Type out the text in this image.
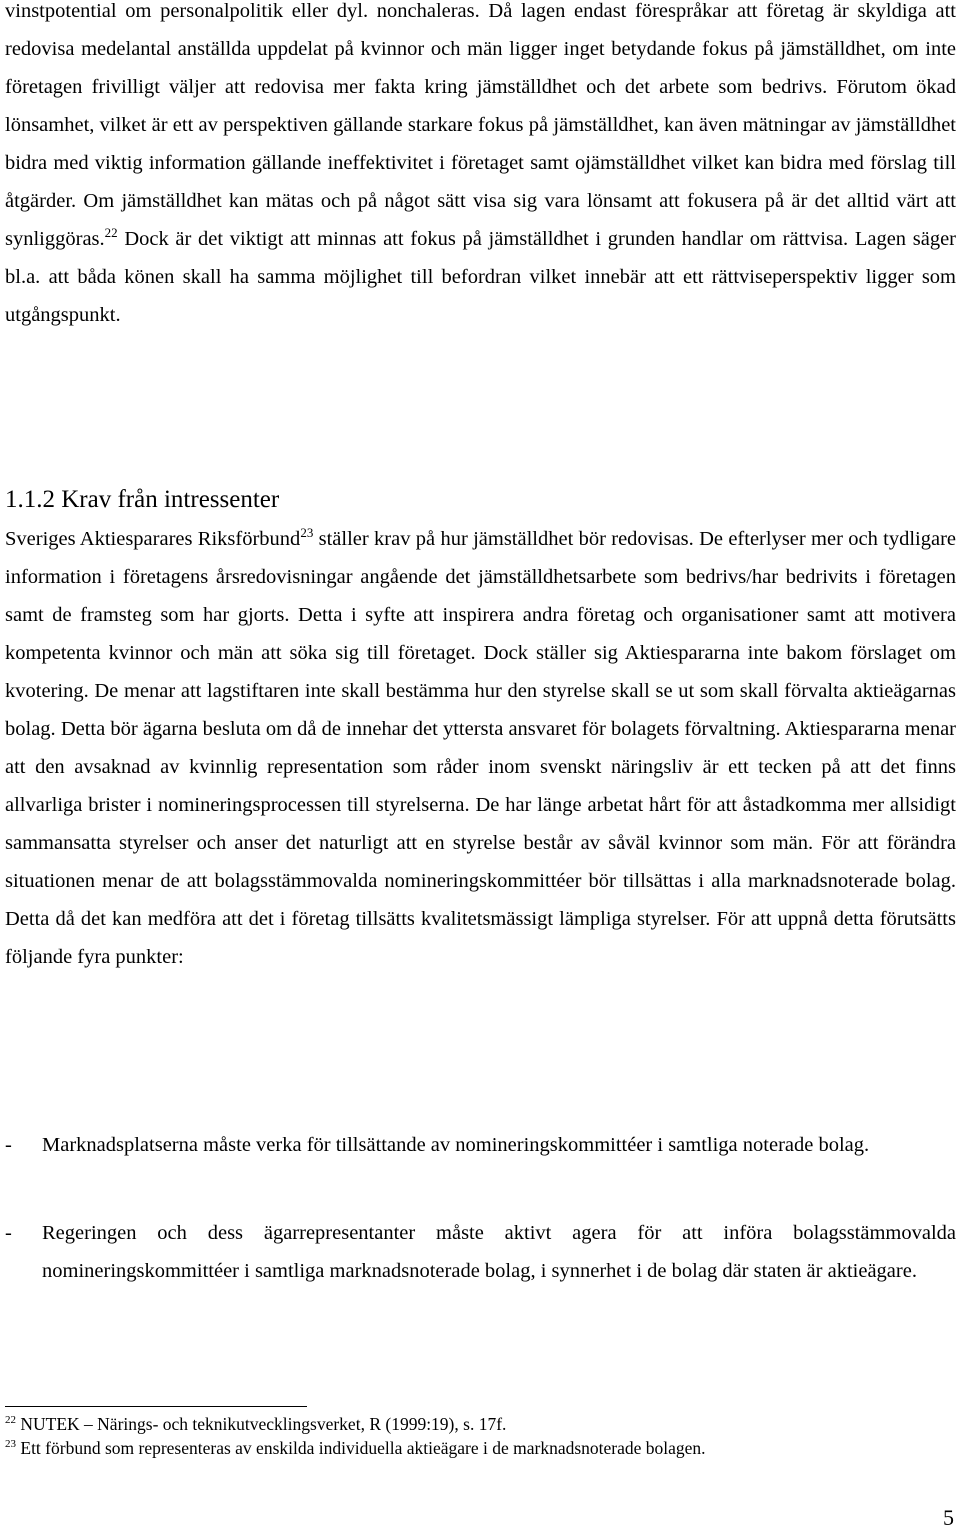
vinstpotential om personalpolitik eller dyl. nonchaleras. Då lagen endast förespråkar att företag är skyldiga att redovisa medelantal anställda uppdelat på kvinnor och män ligger inget betydande fokus på jämställdhet, om inte företagen frivilligt väljer att redovisa mer fakta kring jämställdhet och det arbete som bedrivs. Förutom ökad lönsamhet, vilket är ett av perspektiven gällande starkare fokus på jämställdhet, kan även mätningar av jämställdhet bidra med viktig information gällande ineffektivitet i företaget samt ojämställdhet vilket kan bidra med förslag till åtgärder. Om jämställdhet kan mätas och på något sätt visa sig vara lönsamt att fokusera på är det alltid värt att synliggöras.$^{22}$ Dock är det viktigt att minnas att fokus på jämställdhet i grunden handlar om rättvisa. Lagen säger bl.a. att båda könen skall ha samma möjlighet till befordran vilket innebär att ett rättviseperspektiv ligger som utgångspunkt.

1.1.2 Krav från intressenter

Sveriges Aktiesparares Riksförbund$^{23}$ ställer krav på hur jämställdhet bör redovisas. De efterlyser mer och tydligare information i företagens årsredovisningar angående det jämställdhetsarbete som bedrivs/har bedrivits i företagen samt de framsteg som har gjorts. Detta i syfte att inspirera andra företag och organisationer samt att motivera kompetenta kvinnor och män att söka sig till företaget. Dock ställer sig Aktiespararna inte bakom förslaget om kvotering. De menar att lagstiftaren inte skall bestämma hur den styrelse skall se ut som skall förvalta aktieägarnas bolag. Detta bör ägarna besluta om då de innehar det yttersta ansvaret för bolagets förvaltning. Aktiespararna menar att den avsaknad av kvinnlig representation som råder inom svenskt näringsliv är ett tecken på att det finns allvarliga brister i nomineringsprocessen till styrelserna. De har länge arbetat hårt för att åstadkomma mer allsidigt sammansatta styrelser och anser det naturligt att en styrelse består av såväl kvinnor som män. För att förändra situationen menar de att bolagsstämmovalda nomineringskommittéer bör tillsättas i alla marknadsnoterade bolag. Detta då det kan medföra att det i företag tillsätts kvalitetsmässigt lämpliga styrelser. För att uppnå detta förutsätts följande fyra punkter:

- Marknadsplatserna måste verka för tillsättande av nomineringskommittéer i samtliga noterade bolag.
- Regeringen och dess ägarrepresentanter måste aktivt agera för att införa bolagsstämmovalda nomineringskommittéer i samtliga marknadsnoterade bolag, i synnerhet i de bolag där staten är aktieägare.

$^{22}$ NUTEK – Närings- och teknikutvecklingsverket, R (1999:19), s. 17f.

$^{23}$ Ett förbund som representeras av enskilda individuella aktieägare i de marknadsnoterade bolagen.

5
